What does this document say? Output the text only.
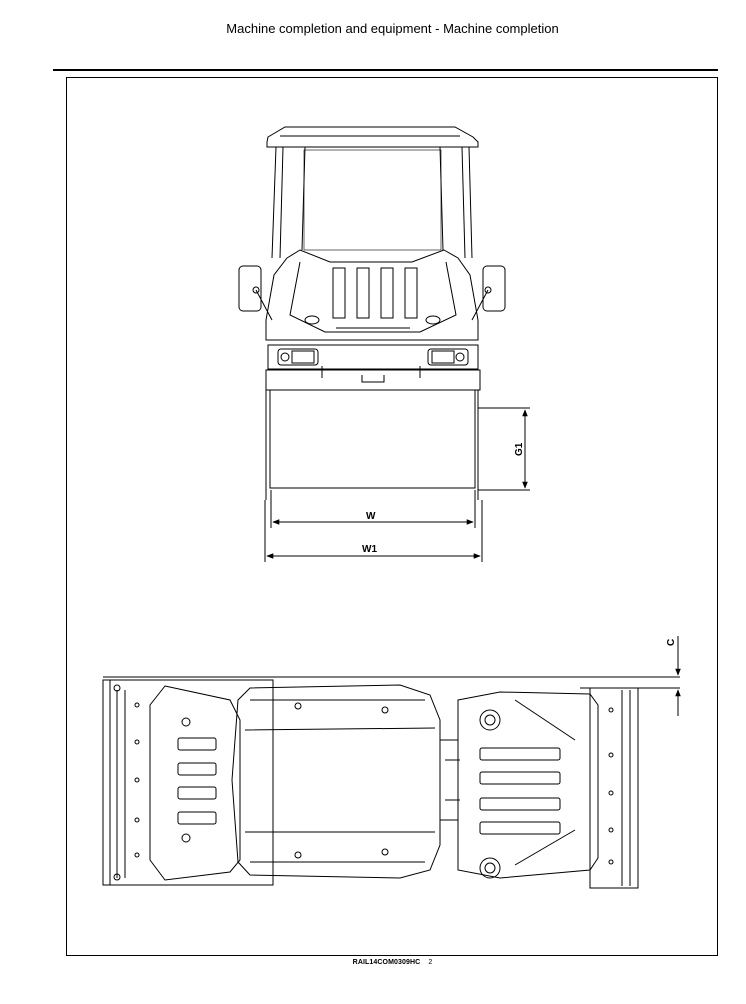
Machine completion and equipment - Machine completion
W
W1
G1
C
RAIL14COM0309HC 2
